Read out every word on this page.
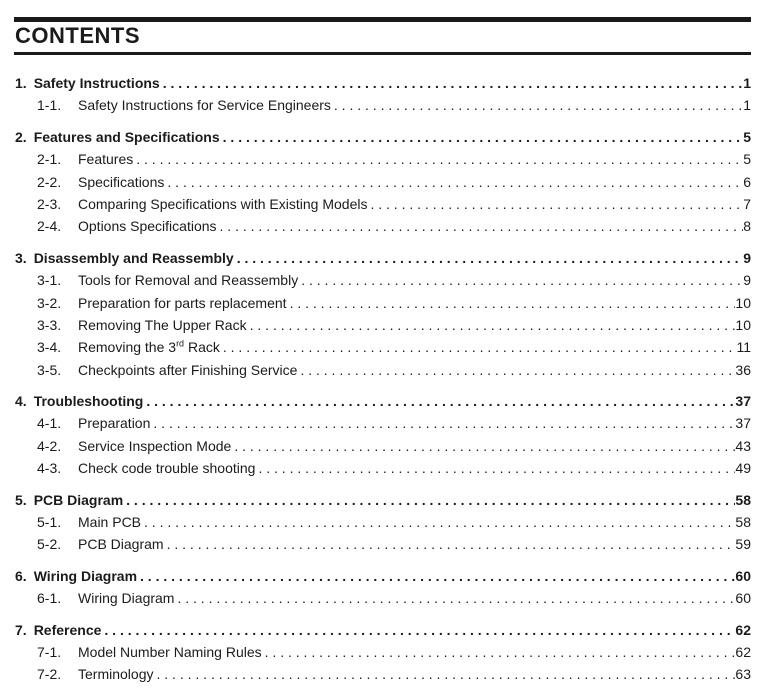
CONTENTS
1. Safety Instructions . . .	1
1-1.	Safety Instructions for Service Engineers . . .	1
2. Features and Specifications . . .	5
2-1.	Features . . .	5
2-2.	Specifications . . .	6
2-3.	Comparing Specifications with Existing Models . . .	7
2-4.	Options Specifications . . .	8
3. Disassembly and Reassembly . . .	9
3-1.	Tools for Removal and Reassembly . . .	9
3-2.	Preparation for parts replacement . . .	10
3-3.	Removing The Upper Rack . . .	10
3-4.	Removing the 3rd Rack . . .	11
3-5.	Checkpoints after Finishing Service . . .	36
4. Troubleshooting . . .	37
4-1.	Preparation . . .	37
4-2.	Service Inspection Mode . . .	43
4-3.	Check code trouble shooting . . .	49
5. PCB Diagram . . .	58
5-1.	Main PCB . . .	58
5-2.	PCB Diagram . . .	59
6. Wiring Diagram . . .	60
6-1.	Wiring Diagram . . .	60
7. Reference . . .	62
7-1.	Model Number Naming Rules . . .	62
7-2.	Terminology . . .	63
